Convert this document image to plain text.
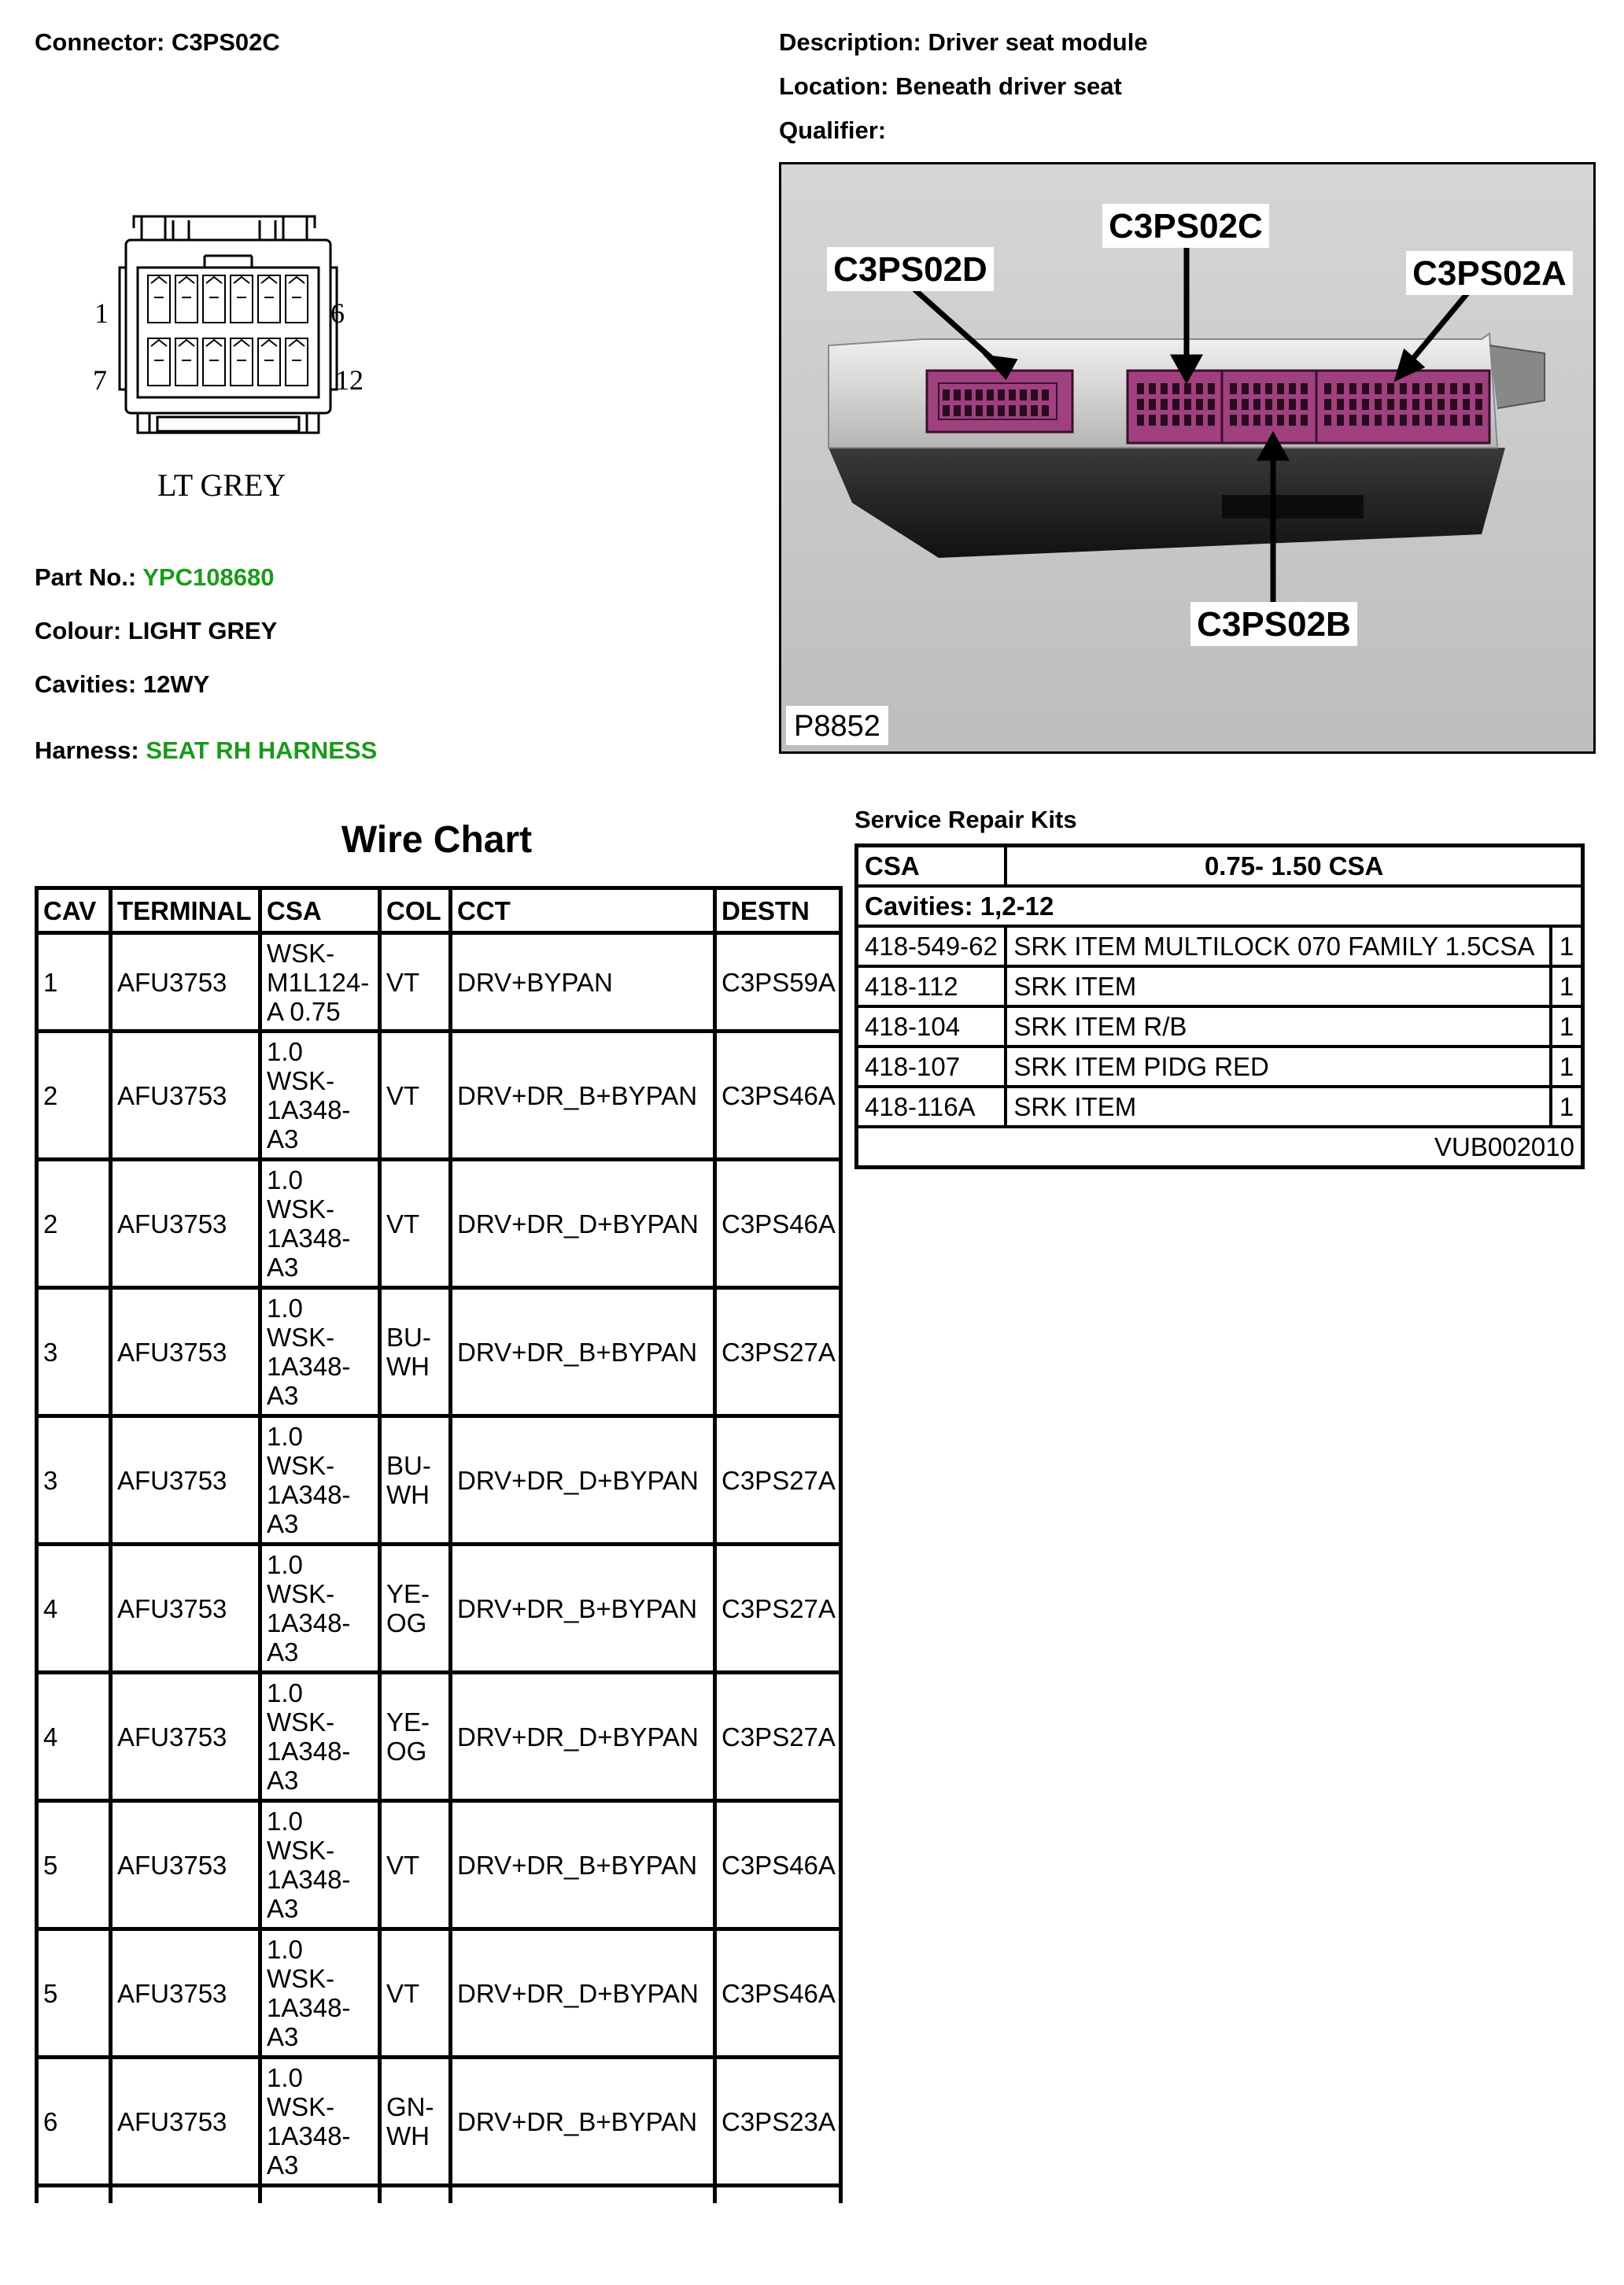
Connector: C3PS02C	Description: Driver seat module
Location: Beneath driver seat
Qualifier:
1	6
7	12
LT GREY
Part No.: YPC108680
Colour: LIGHT GREY
Cavities: 12WY
Harness: SEAT RH HARNESS
C3PS02D
C3PS02C
C3PS02A
C3PS02B
P8852
Wire Chart
CAV	TERMINAL	CSA	COL	CCT	DESTN
1	AFU3753	WSK-M1L124-A 0.75	VT	DRV+BYPAN	C3PS59A
2	AFU3753	1.0 WSK-1A348-A3	VT	DRV+DR_B+BYPAN	C3PS46A
2	AFU3753	1.0 WSK-1A348-A3	VT	DRV+DR_D+BYPAN	C3PS46A
3	AFU3753	1.0 WSK-1A348-A3	BU-WH	DRV+DR_B+BYPAN	C3PS27A
3	AFU3753	1.0 WSK-1A348-A3	BU-WH	DRV+DR_D+BYPAN	C3PS27A
4	AFU3753	1.0 WSK-1A348-A3	YE-OG	DRV+DR_B+BYPAN	C3PS27A
4	AFU3753	1.0 WSK-1A348-A3	YE-OG	DRV+DR_D+BYPAN	C3PS27A
5	AFU3753	1.0 WSK-1A348-A3	VT	DRV+DR_B+BYPAN	C3PS46A
5	AFU3753	1.0 WSK-1A348-A3	VT	DRV+DR_D+BYPAN	C3PS46A
6	AFU3753	1.0 WSK-1A348-A3	GN-WH	DRV+DR_B+BYPAN	C3PS23A

Service Repair Kits
CSA	0.75- 1.50 CSA	
Cavities: 1,2-12		
418-549-62	SRK ITEM MULTILOCK 070 FAMILY 1.5CSA	1
418-112	SRK ITEM	1
418-104	SRK ITEM R/B	1
418-107	SRK ITEM PIDG RED	1
418-116A	SRK ITEM	1
VUB002010		
